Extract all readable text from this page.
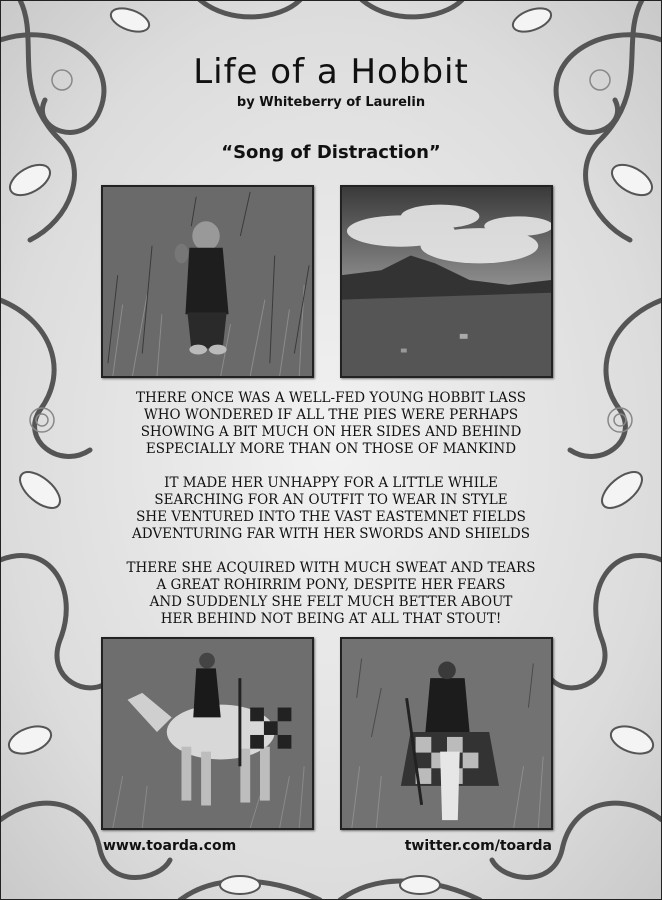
Life of a Hobbit
by Whiteberry of Laurelin
“Song of Distraction”
THERE ONCE WAS A WELL-FED YOUNG HOBBIT LASS
WHO WONDERED IF ALL THE PIES WERE PERHAPS
SHOWING A BIT MUCH ON HER SIDES AND BEHIND
ESPECIALLY MORE THAN ON THOSE OF MANKIND
IT MADE HER UNHAPPY FOR A LITTLE WHILE
SEARCHING FOR AN OUTFIT TO WEAR IN STYLE
SHE VENTURED INTO THE VAST EASTEMNET FIELDS
ADVENTURING FAR WITH HER SWORDS AND SHIELDS
THERE SHE ACQUIRED WITH MUCH SWEAT AND TEARS
A GREAT ROHIRRIM PONY, DESPITE HER FEARS
AND SUDDENLY SHE FELT MUCH BETTER ABOUT
HER BEHIND NOT BEING AT ALL THAT STOUT!
www.toarda.com	twitter.com/toarda
